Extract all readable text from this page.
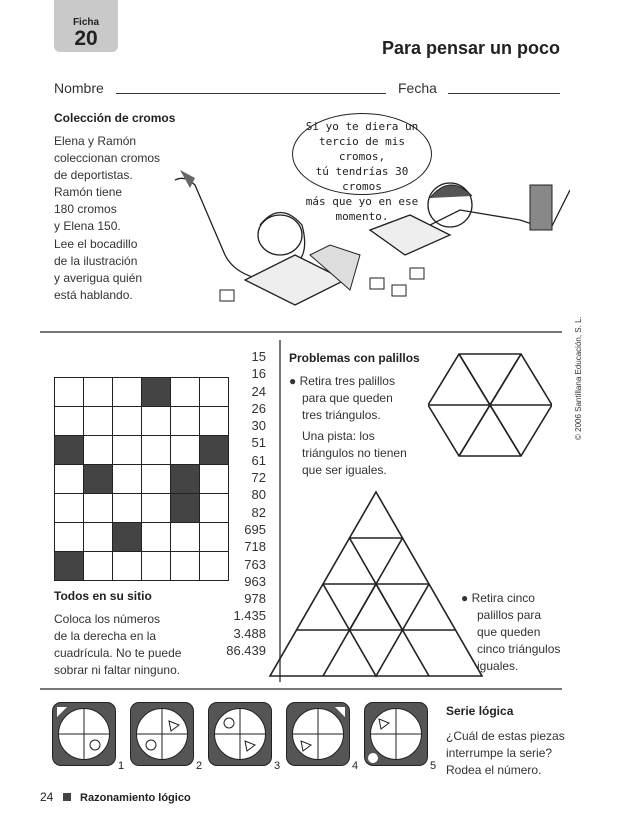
Ficha
20	Para pensar un poco
Nombre	Fecha
Colección de cromos
Elena y Ramón
coleccionan cromos
de deportistas.
Ramón tiene
180 cromos
y Elena 150.
Lee el bocadillo
de la ilustración
y averigua quién
está hablando.
Si yo te diera un
tercio de mis cromos,
tú tendrías 30 cromos
más que yo en ese
momento.

15
16
24
26
30
51
61
72
80
82
695
718
763
963
978
1.435
3.488
86.439
Todos en su sitio
Coloca los números
de la derecha en la
cuadrícula. No te puede
sobrar ni faltar ninguno.
Problemas con palillos
● Retira tres palillos
para que queden
tres triángulos.
Una pista: los
triángulos no tienen
que ser iguales.
● Retira cinco
palillos para
que queden
cinco triángulos
iguales.
© 2006 Santillana Educación, S. L.
1	2	3	4	5
Serie lógica
¿Cuál de estas piezas
interrumpe la serie?
Rodea el número.
24 Razonamiento lógico
